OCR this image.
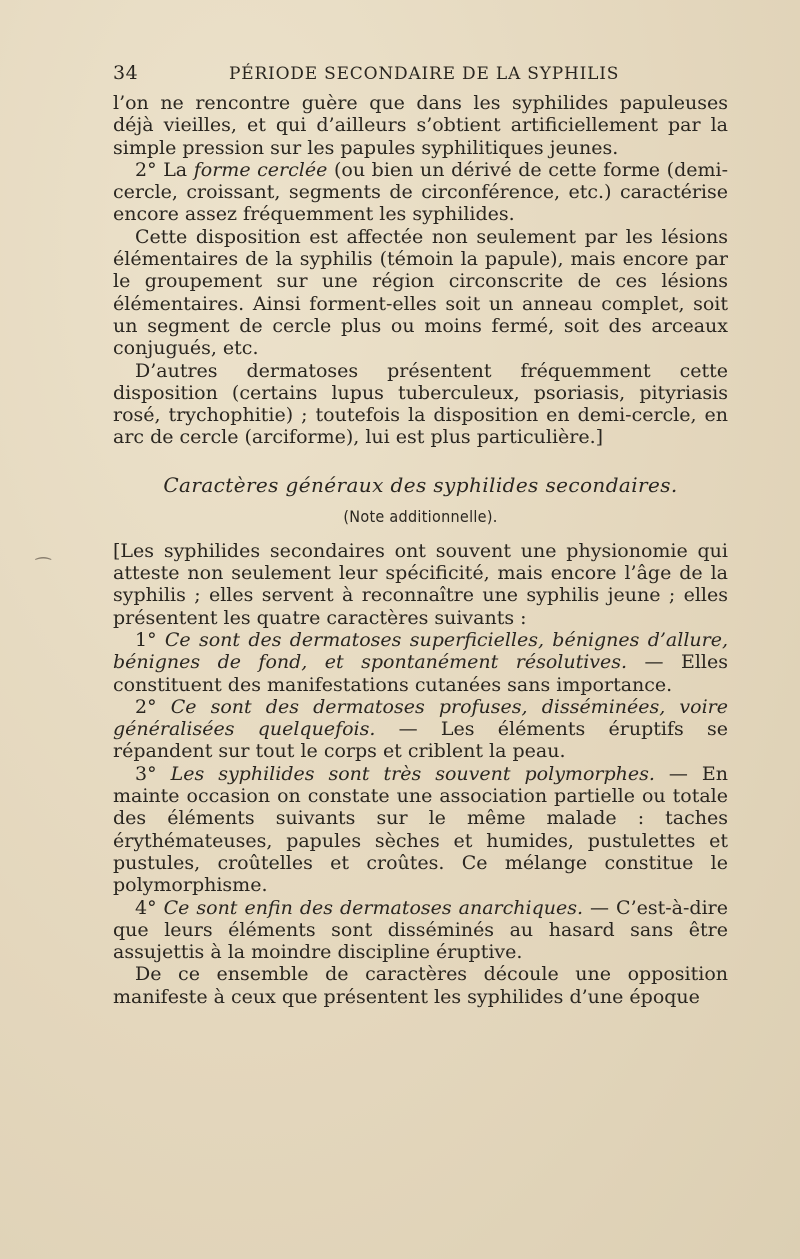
34	PÉRIODE SECONDAIRE DE LA SYPHILIS

l’on ne rencontre guère que dans les syphilides papuleuses déjà vieilles, et qui d’ailleurs s’obtient artificiellement par la simple pression sur les papules syphilitiques jeunes.

2° La forme cerclée (ou bien un dérivé de cette forme (demi-cercle, croissant, segments de circonférence, etc.) caractérise encore assez fréquemment les syphilides.

Cette disposition est affectée non seulement par les lésions élémentaires de la syphilis (témoin la papule), mais encore par le groupement sur une région circonscrite de ces lésions élémentaires. Ainsi forment-elles soit un anneau complet, soit un segment de cercle plus ou moins fermé, soit des arceaux conjugués, etc.

D’autres dermatoses présentent fréquemment cette disposition (certains lupus tuberculeux, psoriasis, pityriasis rosé, trychophitie) ; toutefois la disposition en demi-cercle, en arc de cercle (arciforme), lui est plus particulière.]

Caractères généraux des syphilides secondaires.
(Note additionnelle).

[Les syphilides secondaires ont souvent une physionomie qui atteste non seulement leur spécificité, mais encore l’âge de la syphilis ; elles servent à reconnaître une syphilis jeune ; elles présentent les quatre caractères suivants :

1° Ce sont des dermatoses superficielles, bénignes d’allure, bénignes de fond, et spontanément résolutives. — Elles constituent des manifestations cutanées sans importance.

2° Ce sont des dermatoses profuses, disséminées, voire généralisées quelquefois. — Les éléments éruptifs se répandent sur tout le corps et criblent la peau.

3° Les syphilides sont très souvent polymorphes. — En mainte occasion on constate une association partielle ou totale des éléments suivants sur le même malade : taches érythémateuses, papules sèches et humides, pustulettes et pustules, croûtelles et croûtes. Ce mélange constitue le polymorphisme.

4° Ce sont enfin des dermatoses anarchiques. — C’est-à-dire que leurs éléments sont disséminés au hasard sans être assujettis à la moindre discipline éruptive.

De ce ensemble de caractères découle une opposition manifeste à ceux que présentent les syphilides d’une époque

⁀
